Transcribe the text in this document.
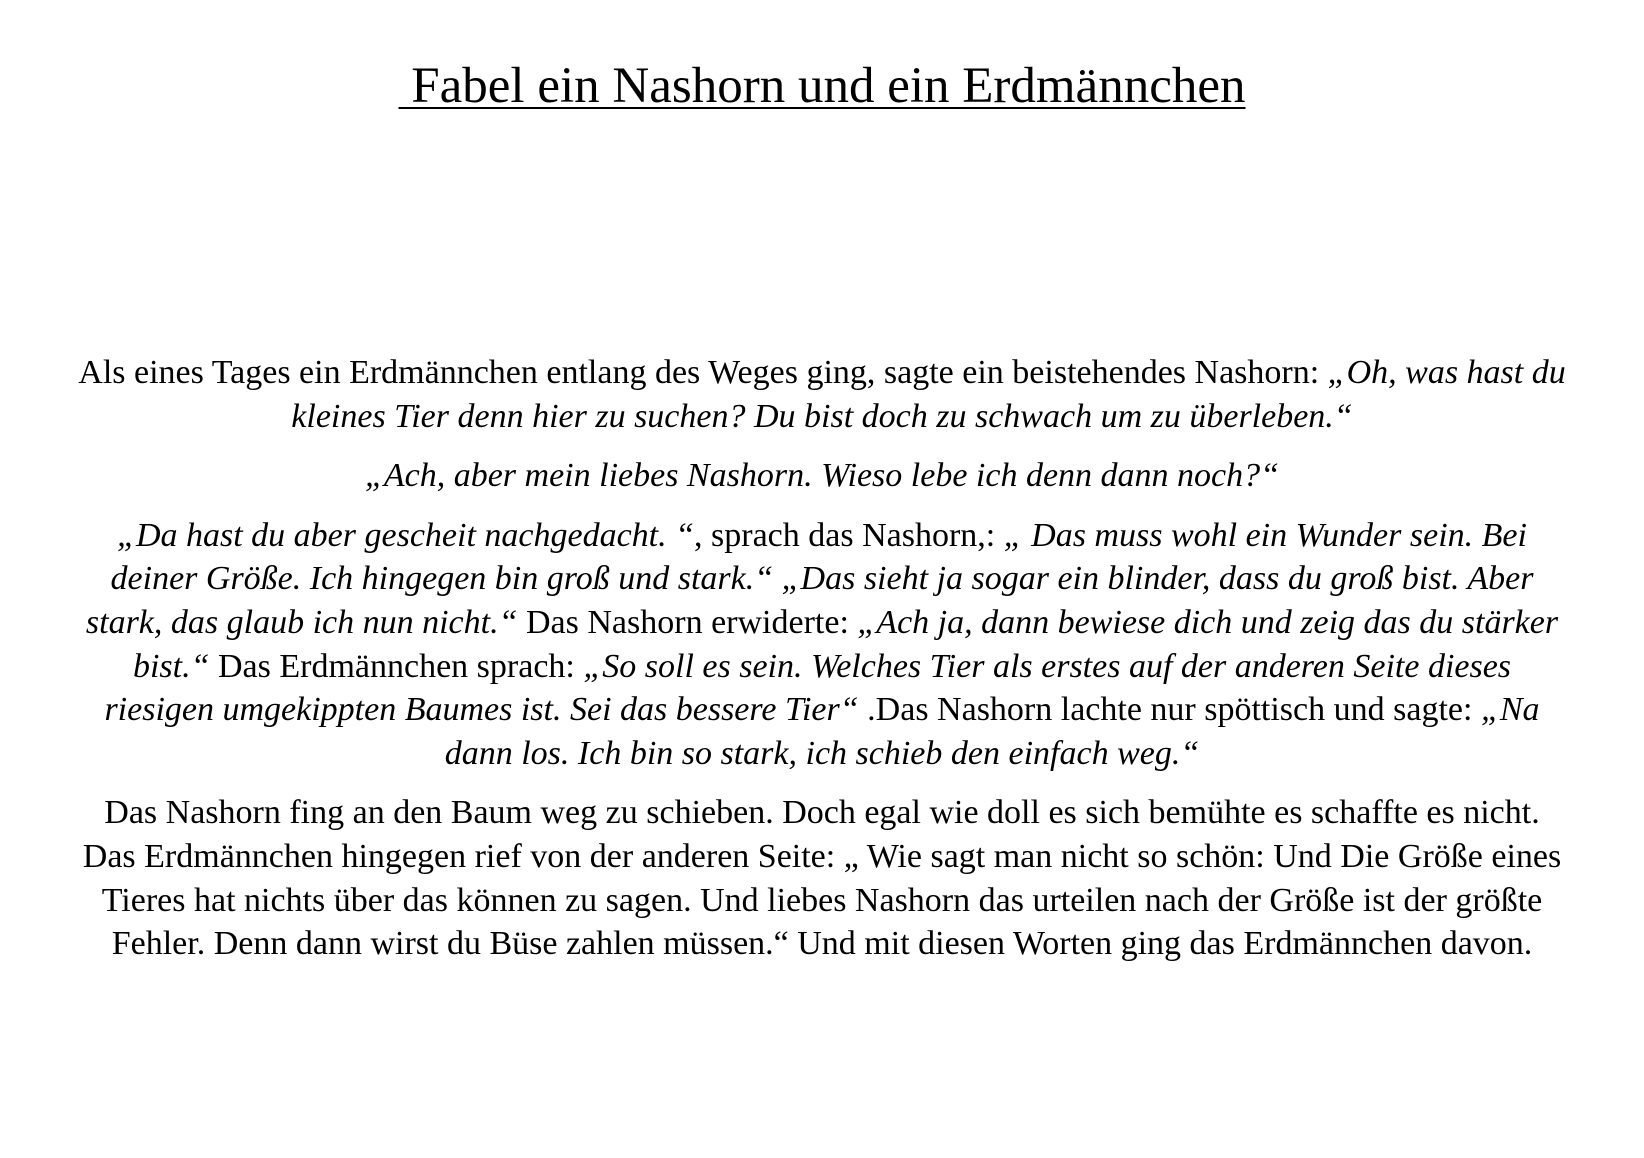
Fabel ein Nashorn und ein Erdmännchen

Als eines Tages ein Erdmännchen entlang des Weges ging, sagte ein beistehendes Nashorn: „Oh, was hast du kleines Tier denn hier zu suchen? Du bist doch zu schwach um zu überleben.“

„Ach, aber mein liebes Nashorn. Wieso lebe ich denn dann noch?“

„Da hast du aber gescheit nachgedacht. “, sprach das Nashorn,: „ Das muss wohl ein Wunder sein. Bei deiner Größe. Ich hingegen bin groß und stark.“ „Das sieht ja sogar ein blinder, dass du groß bist. Aber stark, das glaub ich nun nicht.“ Das Nashorn erwiderte: „Ach ja, dann bewiese dich und zeig das du stärker bist.“ Das Erdmännchen sprach: „So soll es sein. Welches Tier als erstes auf der anderen Seite dieses riesigen umgekippten Baumes ist. Sei das bessere Tier“ .Das Nashorn lachte nur spöttisch und sagte: „Na dann los. Ich bin so stark, ich schieb den einfach weg.“

Das Nashorn fing an den Baum weg zu schieben. Doch egal wie doll es sich bemühte es schaffte es nicht. Das Erdmännchen hingegen rief von der anderen Seite: „ Wie sagt man nicht so schön: Und Die Größe eines Tieres hat nichts über das können zu sagen. Und liebes Nashorn das urteilen nach der Größe ist der größte Fehler. Denn dann wirst du Büse zahlen müssen.“ Und mit diesen Worten ging das Erdmännchen davon.
